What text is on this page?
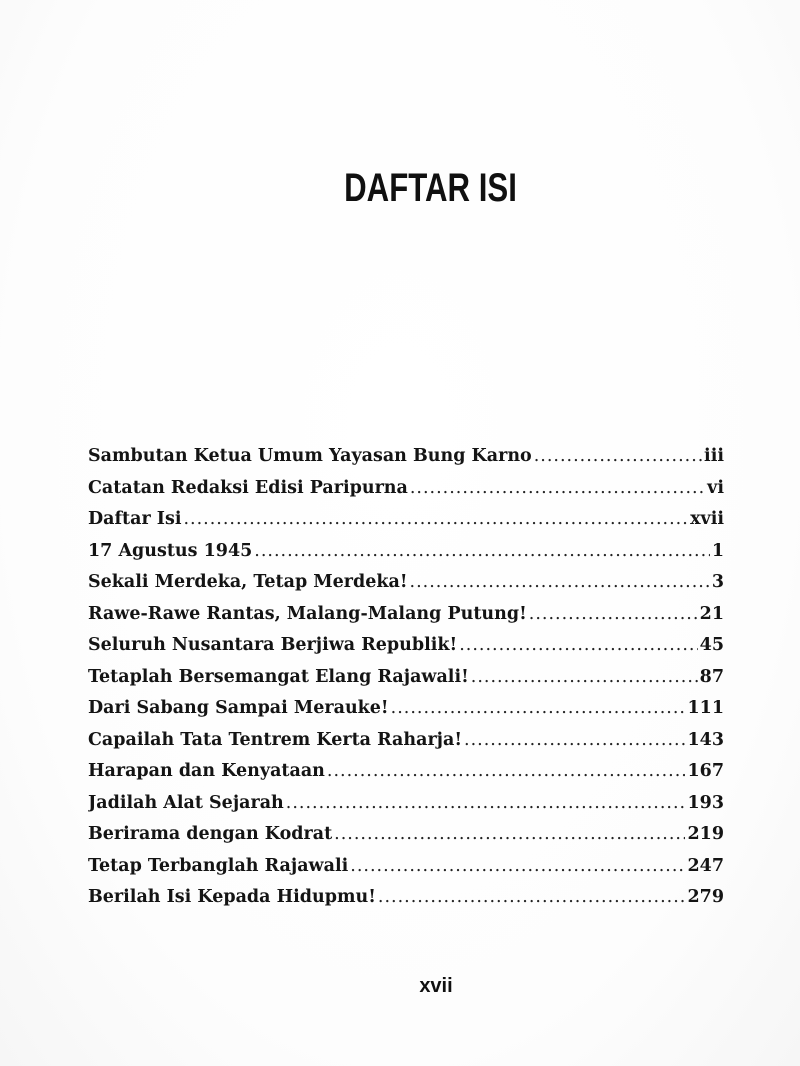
DAFTAR ISI
Sambutan Ketua Umum Yayasan Bung Karno .....	iii
Catatan Redaksi Edisi Paripurna .....	vi
Daftar Isi .....	xvii
17 Agustus 1945 .....	1
Sekali Merdeka, Tetap Merdeka! .....	3
Rawe-Rawe Rantas, Malang-Malang Putung! .....	21
Seluruh Nusantara Berjiwa Republik! .....	45
Tetaplah Bersemangat Elang Rajawali! .....	87
Dari Sabang Sampai Merauke! .....	111
Capailah Tata Tentrem Kerta Raharja! .....	143
Harapan dan Kenyataan .....	167
Jadilah Alat Sejarah .....	193
Berirama dengan Kodrat .....	219
Tetap Terbanglah Rajawali .....	247
Berilah Isi Kepada Hidupmu! .....	279
xvii
